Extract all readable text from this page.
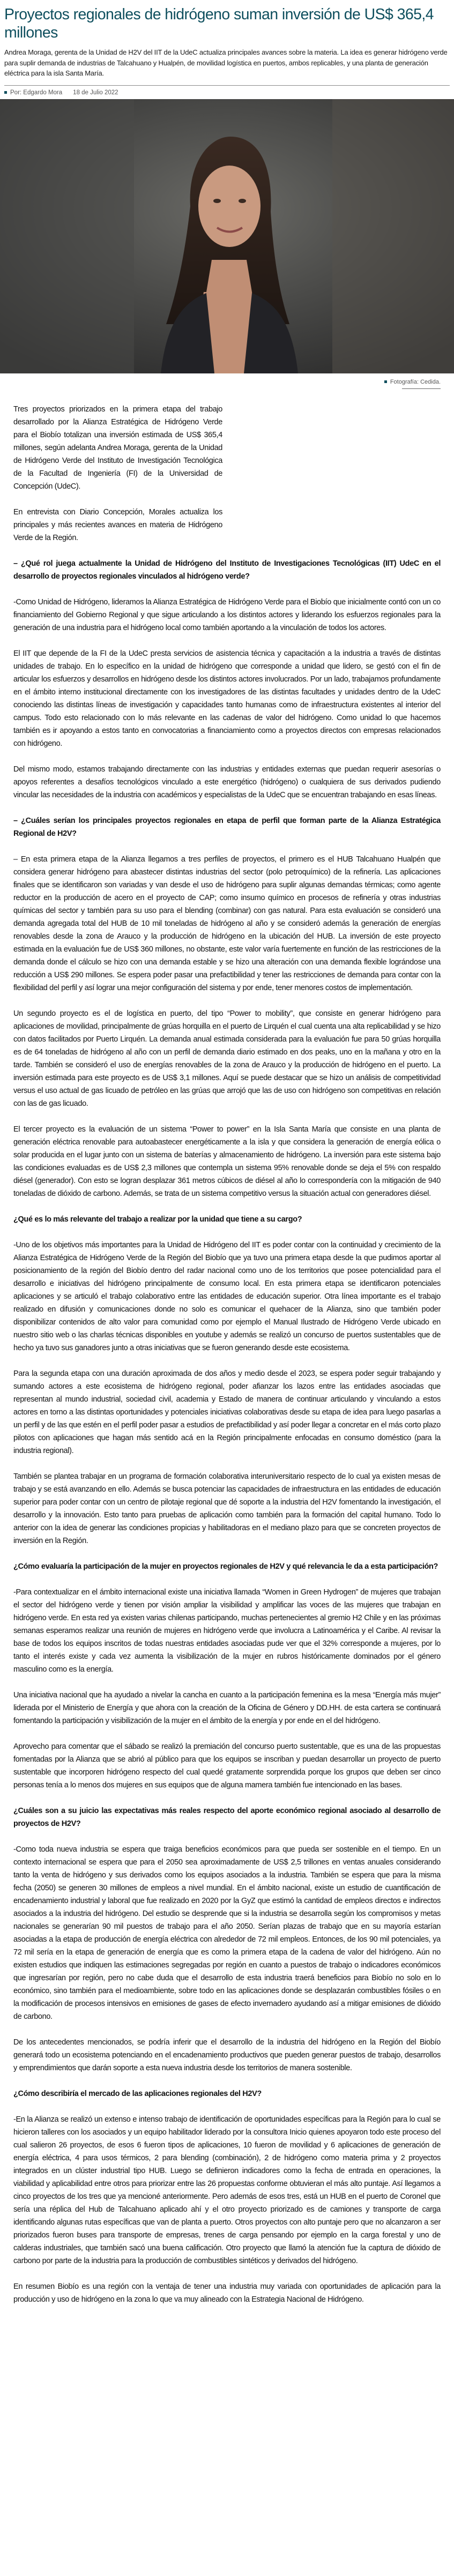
Proyectos regionales de hidrógeno suman inversión de US$ 365,4 millones

Andrea Moraga, gerenta de la Unidad de H2V del IIT de la UdeC actualiza principales avances sobre la materia. La idea es generar hidrógeno verde para suplir demanda de industrias de Talcahuano y Hualpén, de movilidad logística en puertos, ambos replicables, y una planta de generación eléctrica para la isla Santa María.

Por: Edgardo Mora 18 de Julio 2022
Fotografía: Cedida.

Tres proyectos priorizados en la primera etapa del trabajo desarrollado por la Alianza Estratégica de Hidrógeno Verde para el Biobío totalizan una inversión estimada de US$ 365,4 millones, según adelanta Andrea Moraga, gerenta de la Unidad de Hidrógeno Verde del Instituto de Investigación Tecnológica de la Facultad de Ingeniería (FI) de la Universidad de Concepción (UdeC).

En entrevista con Diario Concepción, Morales actualiza los principales y más recientes avances en materia de Hidrógeno Verde de la Región.

– ¿Qué rol juega actualmente la Unidad de Hidrógeno del Instituto de Investigaciones Tecnológicas (IIT) UdeC en el desarrollo de proyectos regionales vinculados al hidrógeno verde?

-Como Unidad de Hidrógeno, lideramos la Alianza Estratégica de Hidrógeno Verde para el Biobío que inicialmente contó con un co financiamiento del Gobierno Regional y que sigue articulando a los distintos actores y liderando los esfuerzos regionales para la generación de una industria para el hidrógeno local como también aportando a la vinculación de todos los actores.

El IIT que depende de la FI de la UdeC presta servicios de asistencia técnica y capacitación a la industria a través de distintas unidades de trabajo. En lo específico en la unidad de hidrógeno que corresponde a unidad que lidero, se gestó con el fin de articular los esfuerzos y desarrollos en hidrógeno desde los distintos actores involucrados. Por un lado, trabajamos profundamente en el ámbito interno institucional directamente con los investigadores de las distintas facultades y unidades dentro de la UdeC conociendo las distintas líneas de investigación y capacidades tanto humanas como de infraestructura existentes al interior del campus. Todo esto relacionado con lo más relevante en las cadenas de valor del hidrógeno. Como unidad lo que hacemos también es ir apoyando a estos tanto en convocatorias a financiamiento como a proyectos directos con empresas relacionados con hidrógeno.

Del mismo modo, estamos trabajando directamente con las industrias y entidades externas que puedan requerir asesorías o apoyos referentes a desafíos tecnológicos vinculado a este energético (hidrógeno) o cualquiera de sus derivados pudiendo vincular las necesidades de la industria con académicos y especialistas de la UdeC que se encuentran trabajando en esas líneas.

– ¿Cuáles serían los principales proyectos regionales en etapa de perfil que forman parte de la Alianza Estratégica Regional de H2V?

– En esta primera etapa de la Alianza llegamos a tres perfiles de proyectos, el primero es el HUB Talcahuano Hualpén que considera generar hidrógeno para abastecer distintas industrias del sector (polo petroquímico) de la refinería. Las aplicaciones finales que se identificaron son variadas y van desde el uso de hidrógeno para suplir algunas demandas térmicas; como agente reductor en la producción de acero en el proyecto de CAP; como insumo químico en procesos de refinería y otras industrias químicas del sector y también para su uso para el blending (combinar) con gas natural. Para esta evaluación se consideró una demanda agregada total del HUB de 10 mil toneladas de hidrógeno al año y se consideró además la generación de energías renovables desde la zona de Arauco y la producción de hidrógeno en la ubicación del HUB. La inversión de este proyecto estimada en la evaluación fue de US$ 360 millones, no obstante, este valor varía fuertemente en función de las restricciones de la demanda donde el cálculo se hizo con una demanda estable y se hizo una alteración con una demanda flexible lográndose una reducción a US$ 290 millones. Se espera poder pasar una prefactibilidad y tener las restricciones de demanda para contar con la flexibilidad del perfil y así lograr una mejor configuración del sistema y por ende, tener menores costos de implementación.

Un segundo proyecto es el de logística en puerto, del tipo “Power to mobility”, que consiste en generar hidrógeno para aplicaciones de movilidad, principalmente de grúas horquilla en el puerto de Lirquén el cual cuenta una alta replicabilidad y se hizo con datos facilitados por Puerto Lirquén. La demanda anual estimada considerada para la evaluación fue para 50 grúas horquilla es de 64 toneladas de hidrógeno al año con un perfil de demanda diario estimado en dos peaks, uno en la mañana y otro en la tarde. También se consideró el uso de energías renovables de la zona de Arauco y la producción de hidrógeno en el puerto. La inversión estimada para este proyecto es de US$ 3,1 millones. Aquí se puede destacar que se hizo un análisis de competitividad versus el uso actual de gas licuado de petróleo en las grúas que arrojó que las de uso con hidrógeno son competitivas en relación con las de gas licuado.

El tercer proyecto es la evaluación de un sistema “Power to power” en la Isla Santa María que consiste en una planta de generación eléctrica renovable para autoabastecer energéticamente a la isla y que considera la generación de energía eólica o solar producida en el lugar junto con un sistema de baterías y almacenamiento de hidrógeno. La inversión para este sistema bajo las condiciones evaluadas es de US$ 2,3 millones que contempla un sistema 95% renovable donde se deja el 5% con respaldo diésel (generador). Con esto se logran desplazar 361 metros cúbicos de diésel al año lo correspondería con la mitigación de 940 toneladas de dióxido de carbono. Además, se trata de un sistema competitivo versus la situación actual con generadores diésel.

¿Qué es lo más relevante del trabajo a realizar por la unidad que tiene a su cargo?

-Uno de los objetivos más importantes para la Unidad de Hidrógeno del IIT es poder contar con la continuidad y crecimiento de la Alianza Estratégica de Hidrógeno Verde de la Región del Biobío que ya tuvo una primera etapa desde la que pudimos aportar al posicionamiento de la región del Biobío dentro del radar nacional como uno de los territorios que posee potencialidad para el desarrollo e iniciativas del hidrógeno principalmente de consumo local. En esta primera etapa se identificaron potenciales aplicaciones y se articuló el trabajo colaborativo entre las entidades de educación superior. Otra línea importante es el trabajo realizado en difusión y comunicaciones donde no solo es comunicar el quehacer de la Alianza, sino que también poder disponibilizar contenidos de alto valor para comunidad como por ejemplo el Manual Ilustrado de Hidrógeno Verde ubicado en nuestro sitio web o las charlas técnicas disponibles en youtube y además se realizó un concurso de puertos sustentables que de hecho ya tuvo sus ganadores junto a otras iniciativas que se fueron generando desde este ecosistema.

Para la segunda etapa con una duración aproximada de dos años y medio desde el 2023, se espera poder seguir trabajando y sumando actores a este ecosistema de hidrógeno regional, poder afianzar los lazos entre las entidades asociadas que representan al mundo industrial, sociedad civil, academia y Estado de manera de continuar articulando y vinculando a estos actores en torno a las distintas oportunidades y potenciales iniciativas colaborativas desde su etapa de idea para luego pasarlas a un perfil y de las que estén en el perfil poder pasar a estudios de prefactibilidad y así poder llegar a concretar en el más corto plazo pilotos con aplicaciones que hagan más sentido acá en la Región principalmente enfocadas en consumo doméstico (para la industria regional).

También se plantea trabajar en un programa de formación colaborativa interuniversitario respecto de lo cual ya existen mesas de trabajo y se está avanzando en ello. Además se busca potenciar las capacidades de infraestructura en las entidades de educación superior para poder contar con un centro de pilotaje regional que dé soporte a la industria del H2V fomentando la investigación, el desarrollo y la innovación. Esto tanto para pruebas de aplicación como también para la formación del capital humano. Todo lo anterior con la idea de generar las condiciones propicias y habilitadoras en el mediano plazo para que se concreten proyectos de inversión en la Región.

¿Cómo evaluaría la participación de la mujer en proyectos regionales de H2V y qué relevancia le da a esta participación?

-Para contextualizar en el ámbito internacional existe una iniciativa llamada “Women in Green Hydrogen” de mujeres que trabajan el sector del hidrógeno verde y tienen por visión ampliar la visibilidad y amplificar las voces de las mujeres que trabajan en hidrógeno verde. En esta red ya existen varias chilenas participando, muchas pertenecientes al gremio H2 Chile y en las próximas semanas esperamos realizar una reunión de mujeres en hidrógeno verde que involucra a Latinoamérica y el Caribe. Al revisar la base de todos los equipos inscritos de todas nuestras entidades asociadas pude ver que el 32% corresponde a mujeres, por lo tanto el interés existe y cada vez aumenta la visibilización de la mujer en rubros históricamente dominados por el género masculino como es la energía.

Una iniciativa nacional que ha ayudado a nivelar la cancha en cuanto a la participación femenina es la mesa “Energía más mujer” liderada por el Ministerio de Energía y que ahora con la creación de la Oficina de Género y DD.HH. de esta cartera se continuará fomentando la participación y visibilización de la mujer en el ámbito de la energía y por ende en el del hidrógeno.

Aprovecho para comentar que el sábado se realizó la premiación del concurso puerto sustentable, que es una de las propuestas fomentadas por la Alianza que se abrió al público para que los equipos se inscriban y puedan desarrollar un proyecto de puerto sustentable que incorporen hidrógeno respecto del cual quedé gratamente sorprendida porque los grupos que deben ser cinco personas tenía a lo menos dos mujeres en sus equipos que de alguna mamera también fue intencionado en las bases.

¿Cuáles son a su juicio las expectativas más reales respecto del aporte económico regional asociado al desarrollo de proyectos de H2V?

-Como toda nueva industria se espera que traiga beneficios económicos para que pueda ser sostenible en el tiempo. En un contexto internacional se espera que para el 2050 sea aproximadamente de US$ 2,5 trillones en ventas anuales considerando tanto la venta de hidrógeno y sus derivados como los equipos asociados a la industria. También se espera que para la misma fecha (2050) se generen 30 millones de empleos a nivel mundial. En el ámbito nacional, existe un estudio de cuantificación de encadenamiento industrial y laboral que fue realizado en 2020 por la GyZ que estimó la cantidad de empleos directos e indirectos asociados a la industria del hidrógeno. Del estudio se desprende que si la industria se desarrolla según los compromisos y metas nacionales se generarían 90 mil puestos de trabajo para el año 2050. Serían plazas de trabajo que en su mayoría estarían asociadas a la etapa de producción de energía eléctrica con alrededor de 72 mil empleos. Entonces, de los 90 mil potenciales, ya 72 mil sería en la etapa de generación de energía que es como la primera etapa de la cadena de valor del hidrógeno. Aún no existen estudios que indiquen las estimaciones segregadas por región en cuanto a puestos de trabajo o indicadores económicos que ingresarían por región, pero no cabe duda que el desarrollo de esta industria traerá beneficios para Biobío no solo en lo económico, sino también para el medioambiente, sobre todo en las aplicaciones donde se desplazarán combustibles fósiles o en la modificación de procesos intensivos en emisiones de gases de efecto invernadero ayudando así a mitigar emisiones de dióxido de carbono.

De los antecedentes mencionados, se podría inferir que el desarrollo de la industria del hidrógeno en la Región del Biobío generará todo un ecosistema potenciando en el encadenamiento productivos que pueden generar puestos de trabajo, desarrollos y emprendimientos que darán soporte a esta nueva industria desde los territorios de manera sostenible.

¿Cómo describiría el mercado de las aplicaciones regionales del H2V?

-En la Alianza se realizó un extenso e intenso trabajo de identificación de oportunidades específicas para la Región para lo cual se hicieron talleres con los asociados y un equipo habilitador liderado por la consultora Inicio quienes apoyaron todo este proceso del cual salieron 26 proyectos, de esos 6 fueron tipos de aplicaciones, 10 fueron de movilidad y 6 aplicaciones de generación de energía eléctrica, 4 para usos térmicos, 2 para blending (combinación), 2 de hidrógeno como materia prima y 2 proyectos integrados en un clúster industrial tipo HUB. Luego se definieron indicadores como la fecha de entrada en operaciones, la viabilidad y aplicabilidad entre otros para priorizar entre las 26 propuestas conforme obtuvieran el más alto puntaje. Así llegamos a cinco proyectos de los tres que ya mencioné anteriormente. Pero además de esos tres, está un HUB en el puerto de Coronel que sería una réplica del Hub de Talcahuano aplicado ahí y el otro proyecto priorizado es de camiones y transporte de carga identificando algunas rutas específicas que van de planta a puerto. Otros proyectos con alto puntaje pero que no alcanzaron a ser priorizados fueron buses para transporte de empresas, trenes de carga pensando por ejemplo en la carga forestal y uno de calderas industriales, que también sacó una buena calificación. Otro proyecto que llamó la atención fue la captura de dióxido de carbono por parte de la industria para la producción de combustibles sintéticos y derivados del hidrógeno.

En resumen Biobío es una región con la ventaja de tener una industria muy variada con oportunidades de aplicación para la producción y uso de hidrógeno en la zona lo que va muy alineado con la Estrategia Nacional de Hidrógeno.
